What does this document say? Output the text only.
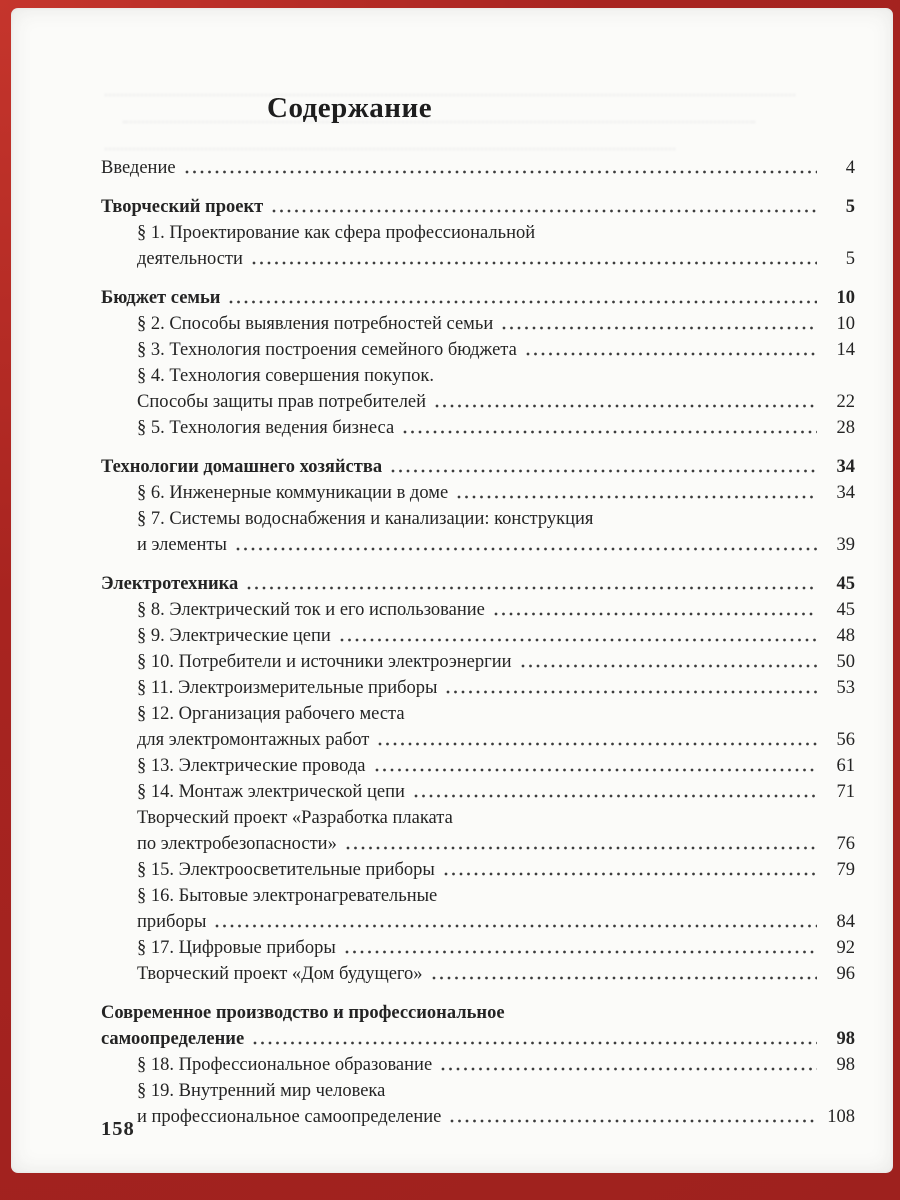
Содержание
Введение	4
Творческий проект	5
§ 1. Проектирование как сфера профессиональной
деятельности	5
Бюджет семьи	10
§ 2. Способы выявления потребностей семьи	10
§ 3. Технология построения семейного бюджета	14
§ 4. Технология совершения покупок.
Способы защиты прав потребителей	22
§ 5. Технология ведения бизнеса	28
Технологии домашнего хозяйства	34
§ 6. Инженерные коммуникации в доме	34
§ 7. Системы водоснабжения и канализации: конструкция
и элементы	39
Электротехника	45
§ 8. Электрический ток и его использование	45
§ 9. Электрические цепи	48
§ 10. Потребители и источники электроэнергии	50
§ 11. Электроизмерительные приборы	53
§ 12. Организация рабочего места
для электромонтажных работ	56
§ 13. Электрические провода	61
§ 14. Монтаж электрической цепи	71
Творческий проект «Разработка плаката
по электробезопасности»	76
§ 15. Электроосветительные приборы	79
§ 16. Бытовые электронагревательные
приборы	84
§ 17. Цифровые приборы	92
Творческий проект «Дом будущего»	96
Современное производство и профессиональное
самоопределение	98
§ 18. Профессиональное образование	98
§ 19. Внутренний мир человека
и профессиональное самоопределение	108
158
